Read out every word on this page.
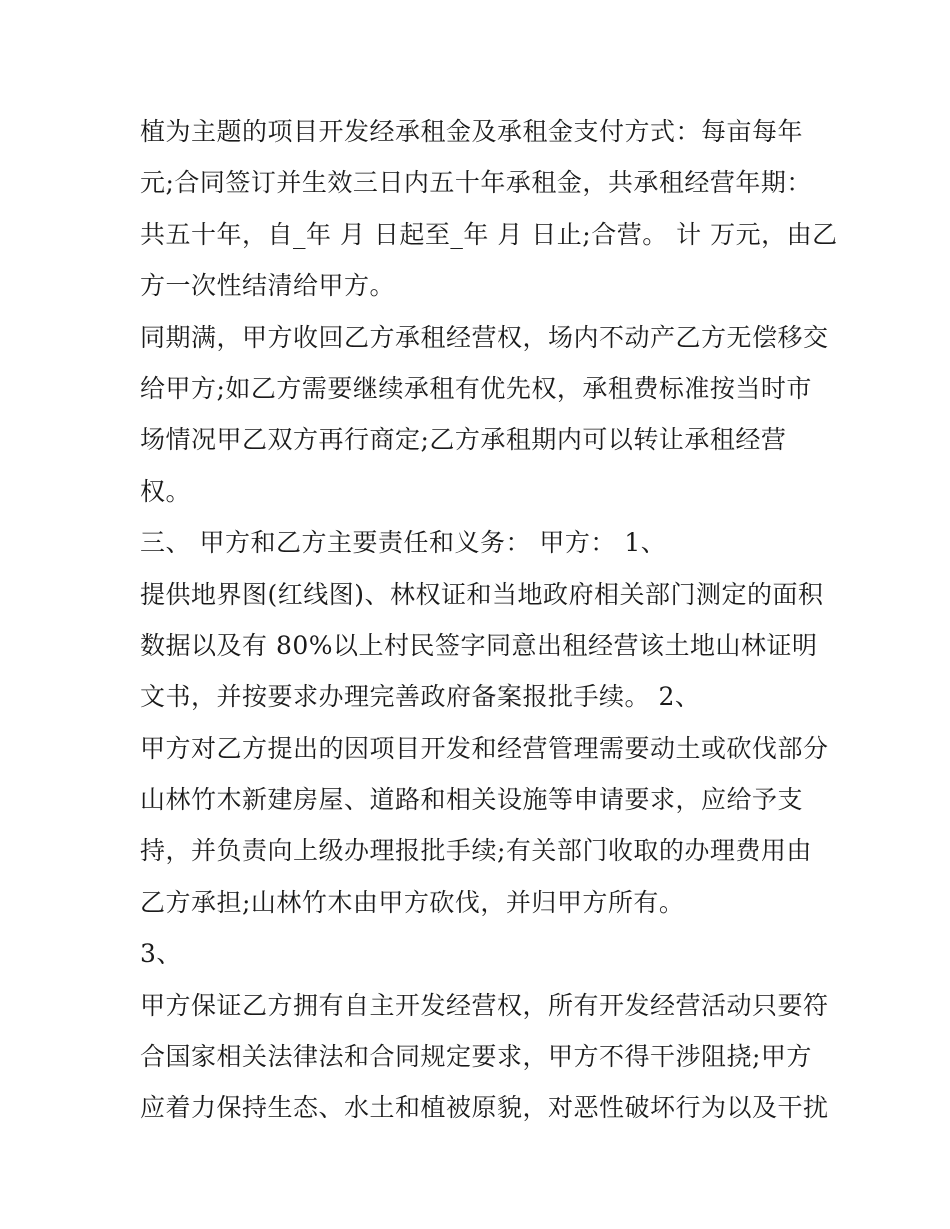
植为主题的项目开发经承租金及承租金支付方式：每亩每年
元;合同签订并生效三日内五十年承租金，共承租经营年期：
共五十年，自_年 月 日起至_年 月 日止;合营。 计 万元，由乙
方一次性结清给甲方。
同期满，甲方收回乙方承租经营权，场内不动产乙方无偿移交
给甲方;如乙方需要继续承租有优先权，承租费标准按当时市
场情况甲乙双方再行商定;乙方承租期内可以转让承租经营
权。
三、 甲方和乙方主要责任和义务： 甲方： 1、
提供地界图(红线图)、林权证和当地政府相关部门测定的面积
数据以及有 80%以上村民签字同意出租经营该土地山林证明
文书，并按要求办理完善政府备案报批手续。 2、
甲方对乙方提出的因项目开发和经营管理需要动土或砍伐部分
山林竹木新建房屋、道路和相关设施等申请要求，应给予支
持，并负责向上级办理报批手续;有关部门收取的办理费用由
乙方承担;山林竹木由甲方砍伐，并归甲方所有。
3、
甲方保证乙方拥有自主开发经营权，所有开发经营活动只要符
合国家相关法律法和合同规定要求，甲方不得干涉阻挠;甲方
应着力保持生态、水土和植被原貌，对恶性破坏行为以及干扰
